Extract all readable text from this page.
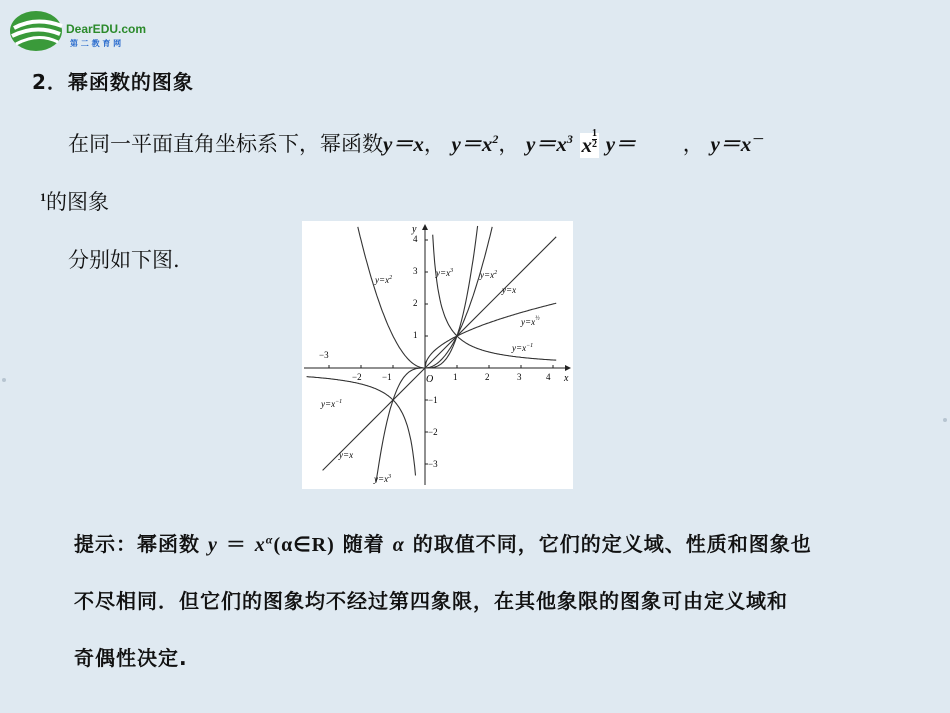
DearEDU.com
第 二 教 育 网
2．幂函数的图象
在同一平面直角坐标系下，幂函数y＝x， $y=x^2$， $y=x^3$ x $\frac{1}{2} y=$ ， y＝x－
$^1$的图象
分别如下图.
x
y
O
−3
−2 −1	1	2	3	4
4
3
2
1
−1
−2
−3
$y=x^2$	$y=x^3$	$y=x^2$
y=x
$y=x^{\frac{1}{2}}$
$y=x^{-1}$
$y=x^{-1}$
y=x
$y=x^3$
提示：幂函数 $y = x^\alpha(\alpha\in R)$ 随着 α 的取值不同，它们的定义域、性质和图象也
不尽相同．但它们的图象均不经过第四象限，在其他象限的图象可由定义域和
奇偶性决定.
